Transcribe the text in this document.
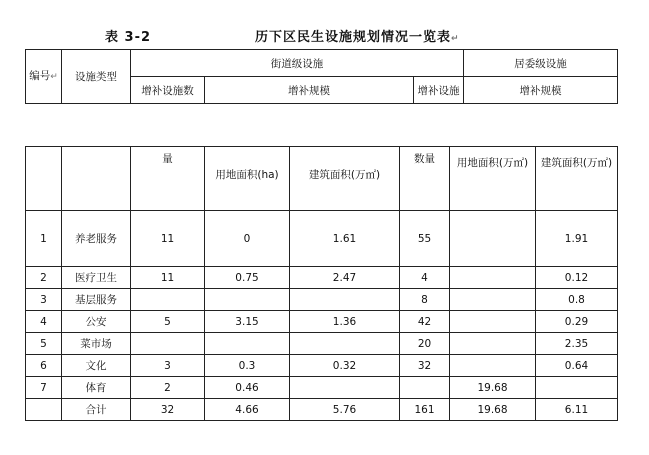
表 3-2	历下区民生设施规划情况一览表↵
编号↵	设施类型	街道级设施			居委级设施
		增补设施数	增补规模	增补设施	增补规模
		量	用地面积(ha)	建筑面积(万㎡)	数量	用地面积(万㎡)	建筑面积(万㎡)
1	养老服务	11	0	1.61	55		1.91
2	医疗卫生	11	0.75	2.47	4		0.12
3	基层服务				8		0.8
4	公安	5	3.15	1.36	42		0.29
5	菜市场				20		2.35
6	文化	3	0.3	0.32	32		0.64
7	体育	2	0.46			19.68	
	合计	32	4.66	5.76	161	19.68	6.11
